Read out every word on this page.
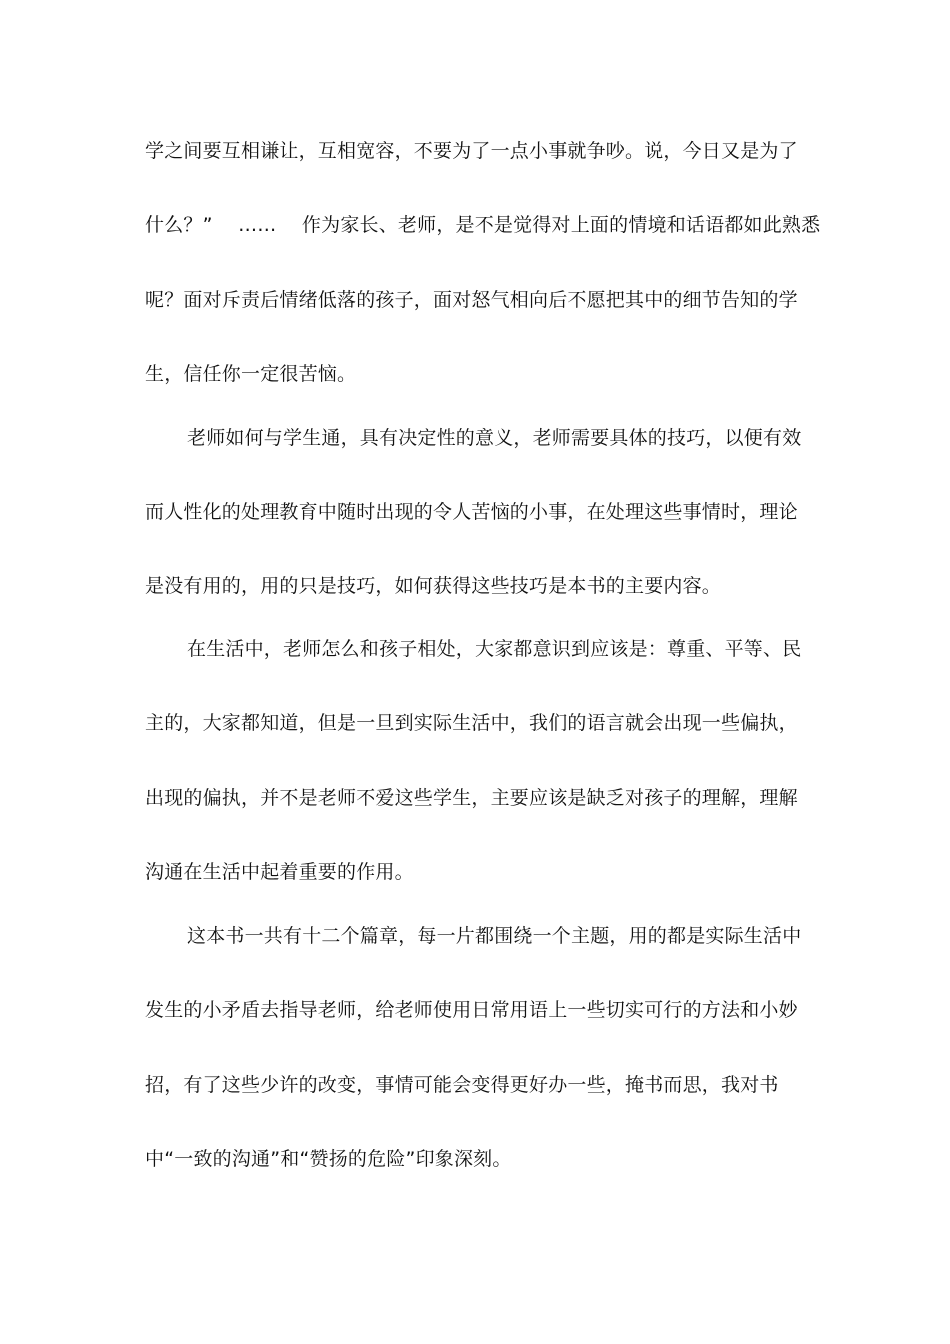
学之间要互相谦让，互相宽容，不要为了一点小事就争吵。说，今日又是为了
什么？”　 ……　 作为家长、老师，是不是觉得对上面的情境和话语都如此熟悉
呢？面对斥责后情绪低落的孩子，面对怒气相向后不愿把其中的细节告知的学
生，信任你一定很苦恼。
老师如何与学生通，具有决定性的意义，老师需要具体的技巧，以便有效
而人性化的处理教育中随时出现的令人苦恼的小事，在处理这些事情时，理论
是没有用的，用的只是技巧，如何获得这些技巧是本书的主要内容。
在生活中，老师怎么和孩子相处，大家都意识到应该是：尊重、平等、民
主的，大家都知道，但是一旦到实际生活中，我们的语言就会出现一些偏执，
出现的偏执，并不是老师不爱这些学生，主要应该是缺乏对孩子的理解，理解
沟通在生活中起着重要的作用。
这本书一共有十二个篇章，每一片都围绕一个主题，用的都是实际生活中
发生的小矛盾去指导老师，给老师使用日常用语上一些切实可行的方法和小妙
招，有了这些少许的改变，事情可能会变得更好办一些，掩书而思，我对书
中“一致的沟通”和“赞扬的危险”印象深刻。
